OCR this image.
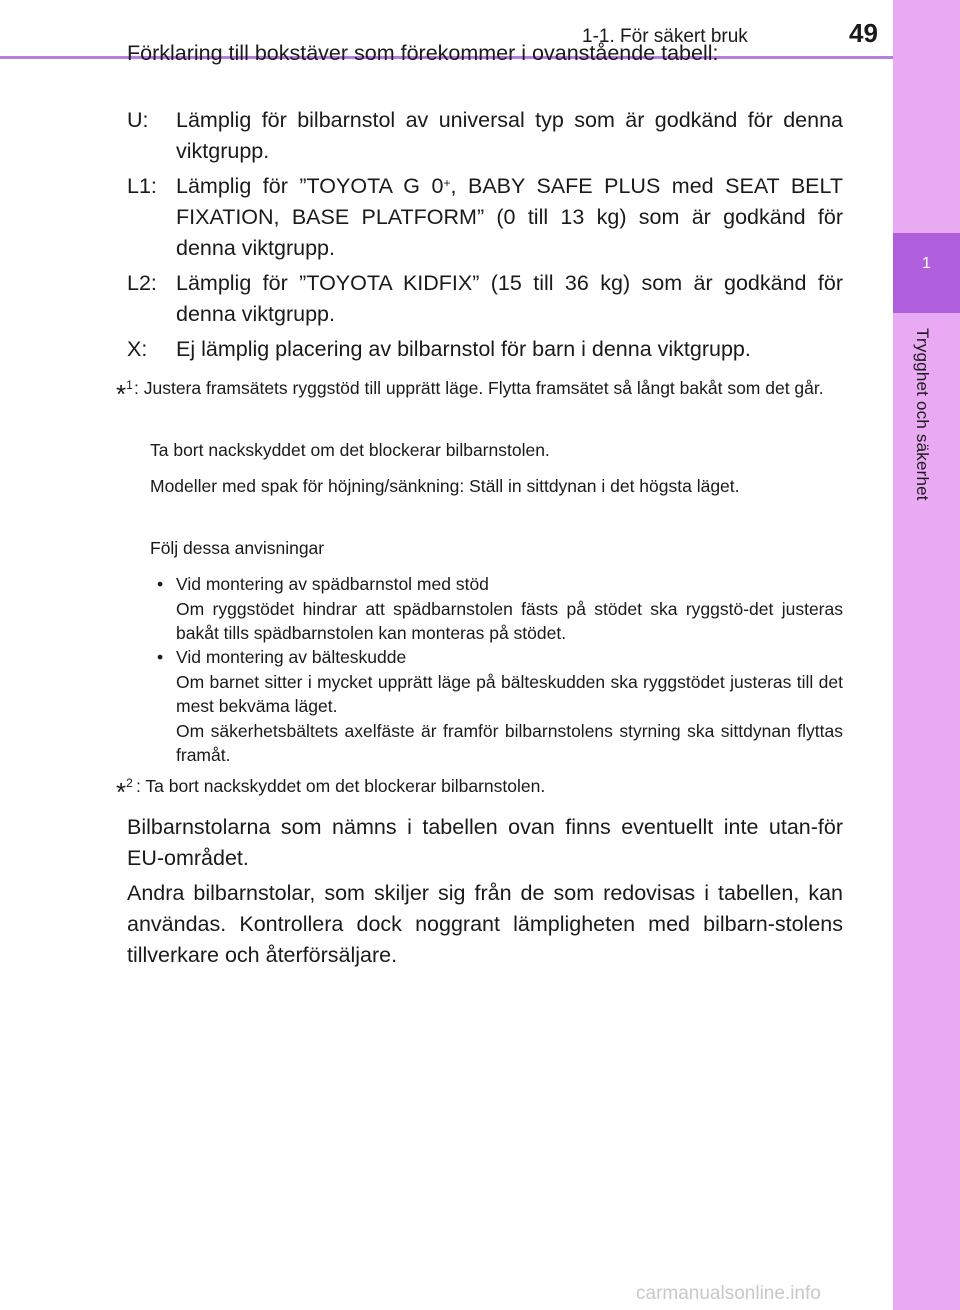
1-1. För säkert bruk	49
1
Trygghet och säkerhet
Förklaring till bokstäver som förekommer i ovanstående tabell:
U: Lämplig för bilbarnstol av universal typ som är godkänd för denna viktgrupp.
L1: Lämplig för ”TOYOTA G 0+, BABY SAFE PLUS med SEAT BELT FIXATION, BASE PLATFORM” (0 till 13 kg) som är godkänd för denna viktgrupp.
L2: Lämplig för ”TOYOTA KIDFIX” (15 till 36 kg) som är godkänd för denna viktgrupp.
X: Ej lämplig placering av bilbarnstol för barn i denna viktgrupp.
*$^1$ : Justera framsätets ryggstöd till upprätt läge. Flytta framsätet så långt bakåt som det går.
Ta bort nackskyddet om det blockerar bilbarnstolen.
Modeller med spak för höjning/sänkning: Ställ in sittdynan i det högsta läget.
Följ dessa anvisningar
• Vid montering av spädbarnstol med stöd
Om ryggstödet hindrar att spädbarnstolen fästs på stödet ska ryggstö-det justeras bakåt tills spädbarnstolen kan monteras på stödet.
• Vid montering av bälteskudde
Om barnet sitter i mycket upprätt läge på bälteskudden ska ryggstödet justeras till det mest bekväma läget.
Om säkerhetsbältets axelfäste är framför bilbarnstolens styrning ska sittdynan flyttas framåt.
*$^2$ : Ta bort nackskyddet om det blockerar bilbarnstolen.
Bilbarnstolarna som nämns i tabellen ovan finns eventuellt inte utan-för EU-området.
Andra bilbarnstolar, som skiljer sig från de som redovisas i tabellen, kan användas. Kontrollera dock noggrant lämpligheten med bilbarn-stolens tillverkare och återförsäljare.
carmanualsonline.info
